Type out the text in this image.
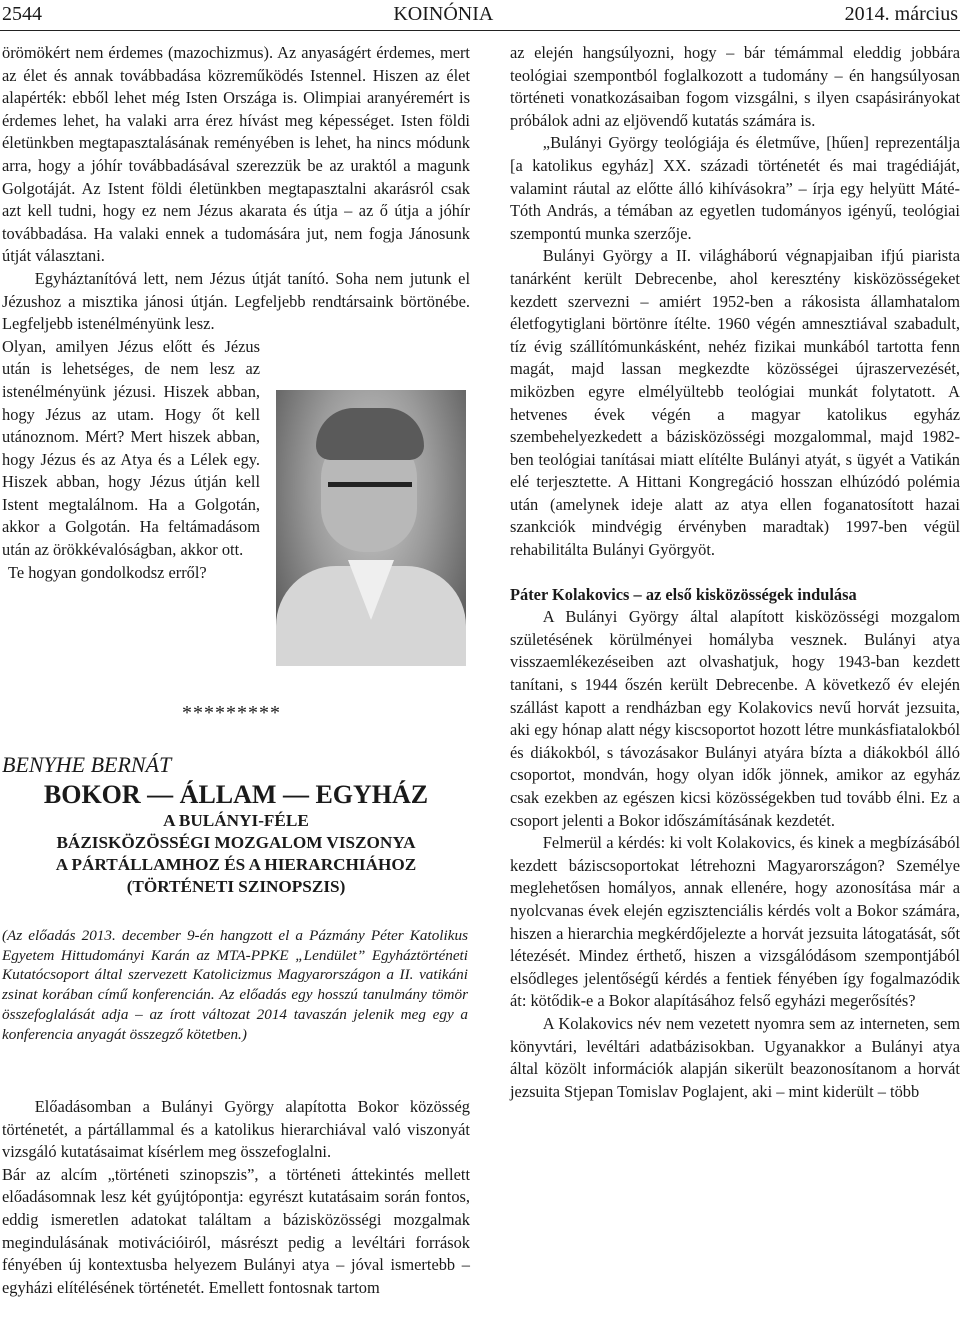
2544	KOINÓNIA	2014. március

örömökért nem érdemes (mazochizmus). Az anyaságért érdemes, mert az élet és annak továbbadása közreműködés Istennel. Hiszen az élet alapérték: ebből lehet még Isten Országa is. Olimpiai aranyéremért is érdemes lehet, ha valaki arra érez hívást meg képességet. Isten földi életünkben megtapasztalásának reményében is lehet, ha nincs módunk arra, hogy a jóhír továbbadásával szerezzük be az uraktól a magunk Golgotáját. Az Istent földi életünkben megtapasztalni akarásról csak azt kell tudni, hogy ez nem Jézus akarata és útja – az ő útja a jóhír továbbadása. Ha valaki ennek a tudomására jut, nem fogja Jánosunk útját választani.

Egyháztanítóvá lett, nem Jézus útját tanító. Soha nem jutunk el Jézushoz a misztika jánosi útján. Legfeljebb rendtársaink börtönébe. Legfeljebb istenélményünk lesz.

Olyan, amilyen Jézus előtt és Jézus után is lehetséges, de nem lesz az istenélményünk jézusi. Hiszek abban, hogy Jézus az utam. Hogy őt kell utánoznom. Mért? Mert hiszek abban, hogy Jézus és az Atya és a Lélek egy. Hiszek abban, hogy Jézus útján kell Istent megtalálnom. Ha a Golgotán, akkor a Golgotán. Ha feltámadásom után az örökkévalóságban, akkor ott.

Te hogyan gondolkodsz erről?

*********
BENYHE BERNÁT
BOKOR — ÁLLAM — EGYHÁZ
A BULÁNYI-FÉLE
BÁZISKÖZÖSSÉGI MOZGALOM VISZONYA
A PÁRTÁLLAMHOZ ÉS A HIERARCHIÁHOZ
(TÖRTÉNETI SZINOPSZIS)
(Az előadás 2013. december 9-én hangzott el a Pázmány Péter Katolikus Egyetem Hittudományi Karán az MTA-PPKE „Lendület” Egyháztörténeti Kutatócsoport által szervezett Katolicizmus Magyarországon a II. vatikáni zsinat korában című konferencián. Az előadás egy hosszú tanulmány tömör összefoglalását adja – az írott változat 2014 tavaszán jelenik meg egy a konferencia anyagát összegző kötetben.)

Előadásomban a Bulányi György alapította Bokor közösség történetét, a pártállammal és a katolikus hierarchiával való viszonyát vizsgáló kutatásaimat kísérlem meg összefoglalni.

Bár az alcím „történeti szinopszis”, a történeti áttekintés mellett előadásomnak lesz két gyújtópontja: egyrészt kutatásaim során fontos, eddig ismeretlen adatokat találtam a bázisközösségi mozgalmak megindulásának motivációiról, másrészt pedig a levéltári források fényében új kontextusba helyezem Bulányi atya – jóval ismertebb – egyházi elítélésének történetét. Emellett fontosnak tartom

az elején hangsúlyozni, hogy – bár témámmal eleddig jobbára teológiai szempontból foglalkozott a tudomány – én hangsúlyosan történeti vonatkozásaiban fogom vizsgálni, s ilyen csapásirányokat próbálok adni az eljövendő kutatás számára is.

„Bulányi György teológiája és életműve, [hűen] reprezentálja [a katolikus egyház] XX. századi történetét és mai tragédiáját, valamint ráutal az előtte álló kihívásokra” – írja egy helyütt Máté-Tóth András, a témában az egyetlen tudományos igényű, teológiai szempontú munka szerzője.

Bulányi György a II. világháború végnapjaiban ifjú piarista tanárként került Debrecenbe, ahol keresztény kisközösségeket kezdett szervezni – amiért 1952-ben a rákosista államhatalom életfogytiglani börtönre ítélte. 1960 végén amnesztiával szabadult, tíz évig szállítómunkásként, nehéz fizikai munkából tartotta fenn magát, majd lassan megkezdte közösségei újraszervezését, miközben egyre elmélyültebb teológiai munkát folytatott. A hetvenes évek végén a magyar katolikus egyház szembehelyezkedett a bázisközösségi mozgalommal, majd 1982-ben teológiai tanításai miatt elítélte Bulányi atyát, s ügyét a Vatikán elé terjesztette. A Hittani Kongregáció hosszan elhúzódó polémia után (amelynek ideje alatt az atya ellen foganatosított hazai szankciók mindvégig érvényben maradtak) 1997-ben végül rehabilitálta Bulányi Györgyöt.

Páter Kolakovics – az első kisközösségek indulása

A Bulányi György által alapított kisközösségi mozgalom születésének körülményei homályba vesznek. Bulányi atya visszaemlékezéseiben azt olvashatjuk, hogy 1943-ban kezdett tanítani, s 1944 őszén került Debrecenbe. A következő év elején szállást kapott a rendházban egy Kolakovics nevű horvát jezsuita, aki egy hónap alatt négy kiscsoportot hozott létre munkásfiatalokból és diákokból, s távozásakor Bulányi atyára bízta a diákokból álló csoportot, mondván, hogy olyan idők jönnek, amikor az egyház csak ezekben az egészen kicsi közösségekben tud tovább élni. Ez a csoport jelenti a Bokor időszámításának kezdetét.

Felmerül a kérdés: ki volt Kolakovics, és kinek a megbízásából kezdett báziscsoportokat létrehozni Magyarországon? Személye meglehetősen homályos, annak ellenére, hogy azonosítása már a nyolcvanas évek elején egzisztenciális kérdés volt a Bokor számára, hiszen a hierarchia megkérdőjelezte a horvát jezsuita látogatását, sőt létezését. Mindez érthető, hiszen a vizsgálódásom szempontjából elsődleges jelentőségű kérdés a fentiek fényében így fogalmazódik át: kötődik-e a Bokor alapításához felső egyházi megerősítés?

A Kolakovics név nem vezetett nyomra sem az interneten, sem könyvtári, levéltári adatbázisokban. Ugyanakkor a Bulányi atya által közölt információk alapján sikerült beazonosítanom a horvát jezsuita Stjepan Tomislav Poglajent, aki – mint kiderült – több
